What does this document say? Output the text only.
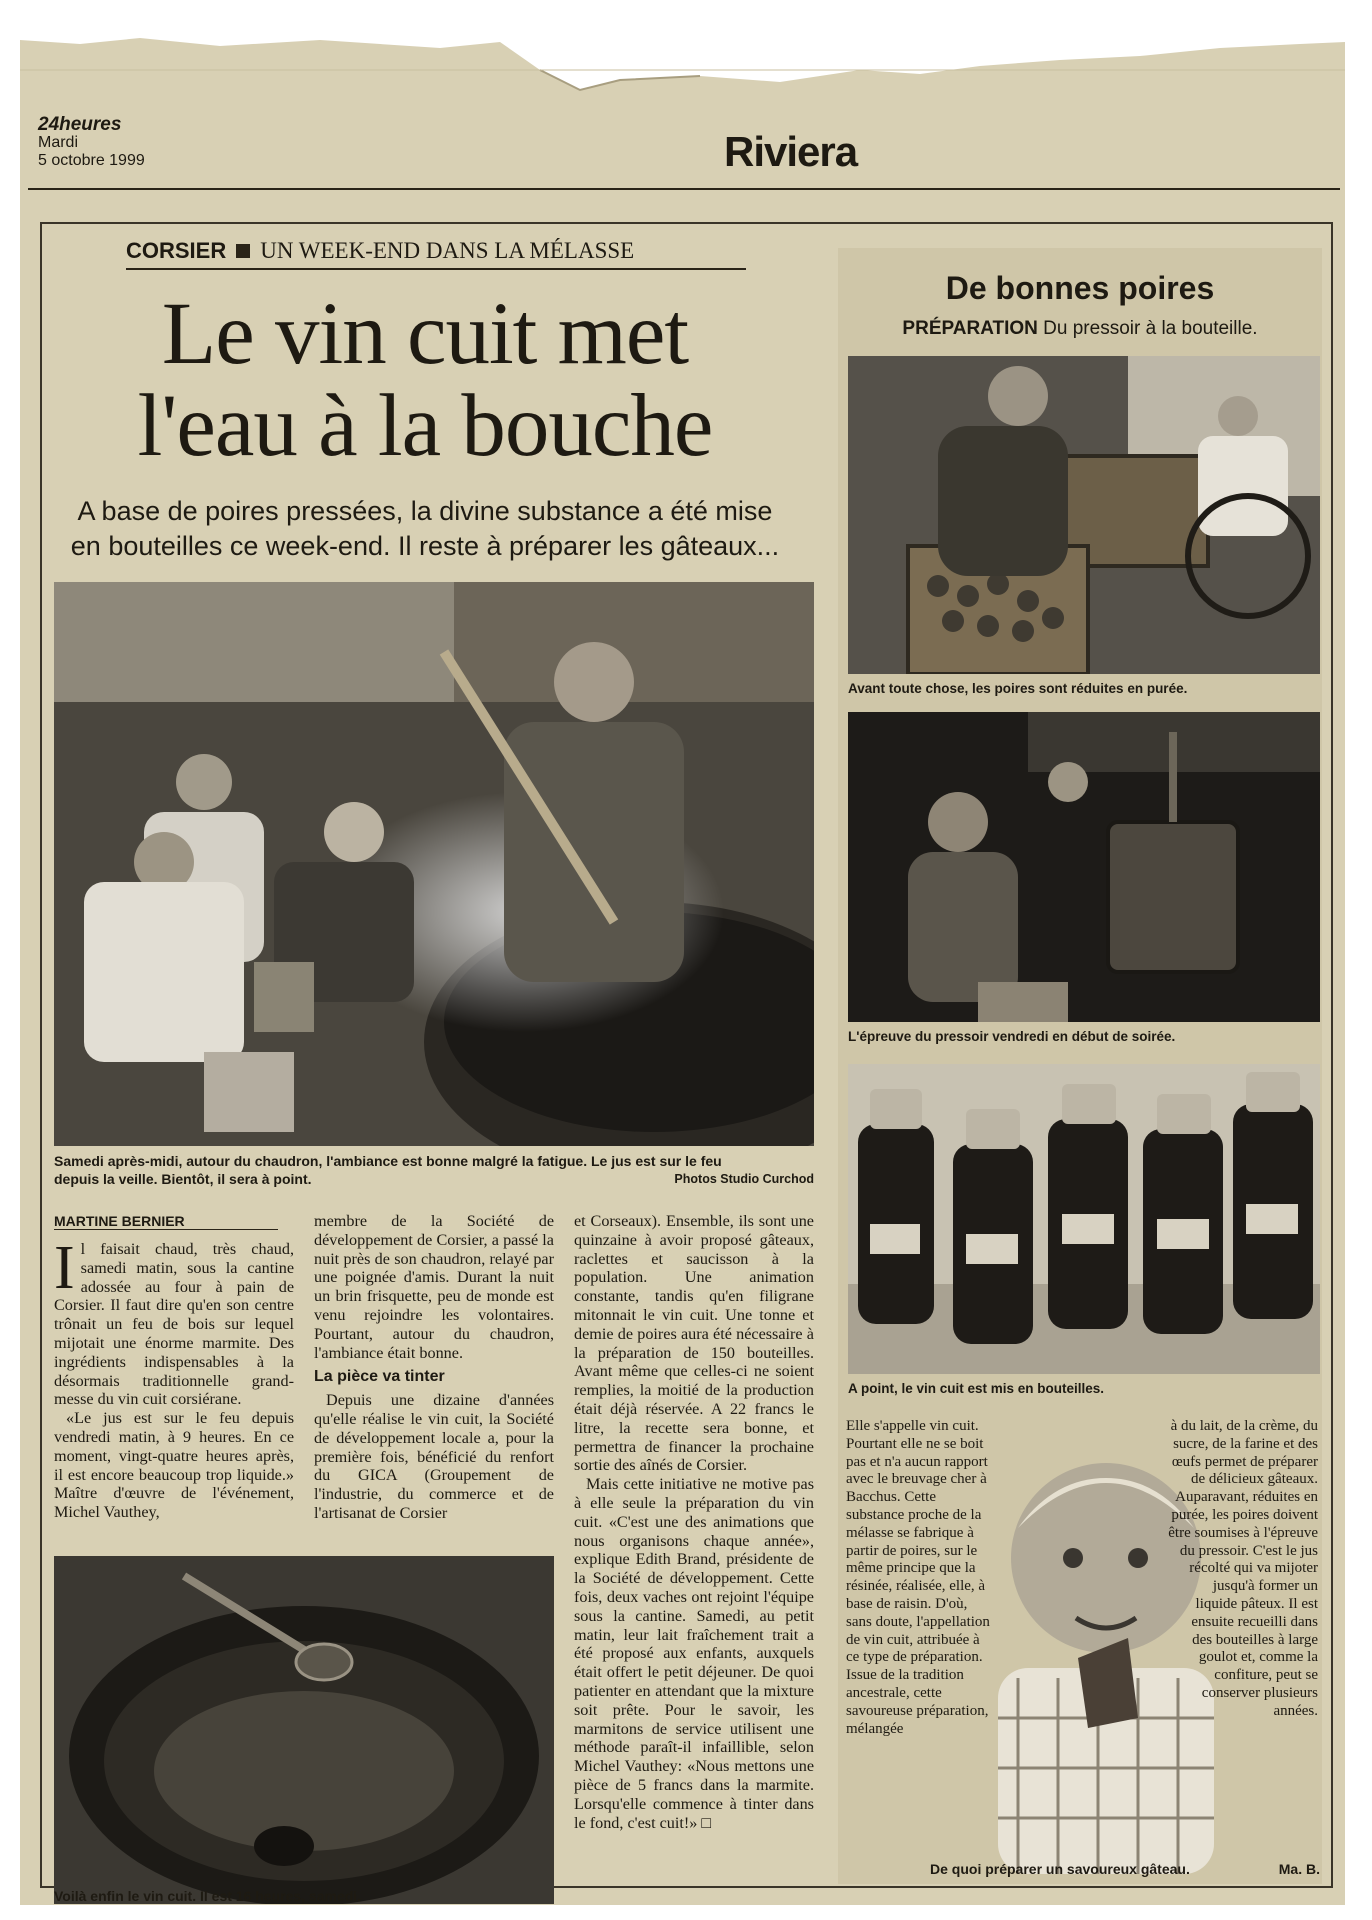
24heures
Mardi
5 octobre 1999	Riviera
CORSIER UN WEEK-END DANS LA MÉLASSE
Le vin cuit met
l'eau à la bouche
A base de poires pressées, la divine substance a été mise
en bouteilles ce week-end. Il reste à préparer les gâteaux...
Samedi après-midi, autour du chaudron, l'ambiance est bonne malgré la fatigue. Le jus est sur le feu
depuis la veille. Bientôt, il sera à point.	Photos Studio Curchod
MARTINE BERNIER

Il faisait chaud, très chaud, samedi matin, sous la cantine adossée au four à pain de Corsier. Il faut dire qu'en son centre trônait un feu de bois sur lequel mijotait une énorme marmite. Des ingrédients indispensables à la désormais traditionnelle grand-messe du vin cuit corsiérane.

«Le jus est sur le feu depuis vendredi matin, à 9 heures. En ce moment, vingt-quatre heures après, il est encore beaucoup trop liquide.» Maître d'œuvre de l'événement, Michel Vauthey,

membre de la Société de développement de Corsier, a passé la nuit près de son chaudron, relayé par une poignée d'amis. Durant la nuit un brin frisquette, peu de monde est venu rejoindre les volontaires. Pourtant, autour du chaudron, l'ambiance était bonne.

La pièce va tinter

Depuis une dizaine d'années qu'elle réalise le vin cuit, la Société de développement locale a, pour la première fois, bénéficié du renfort du GICA (Groupement de l'industrie, du commerce et de l'artisanat de Corsier

et Corseaux). Ensemble, ils sont une quinzaine à avoir proposé gâteaux, raclettes et saucisson à la population. Une animation constante, tandis qu'en filigrane mitonnait le vin cuit. Une tonne et demie de poires aura été nécessaire à la préparation de 150 bouteilles. Avant même que celles-ci ne soient remplies, la moitié de la production était déjà réservée. A 22 francs le litre, la recette sera bonne, et permettra de financer la prochaine sortie des aînés de Corsier.

Mais cette initiative ne motive pas à elle seule la préparation du vin cuit. «C'est une des animations que nous organisons chaque année», explique Edith Brand, présidente de la Société de développement. Cette fois, deux vaches ont rejoint l'équipe sous la cantine. Samedi, au petit matin, leur lait fraîchement trait a été proposé aux enfants, auxquels était offert le petit déjeuner. De quoi patienter en attendant que la mixture soit prête. Pour le savoir, les marmitons de service utilisent une méthode paraît-il infaillible, selon Michel Vauthey: «Nous mettons une pièce de 5 francs dans la marmite. Lorsqu'elle commence à tinter dans le fond, c'est cuit!» □

Voilà enfin le vin cuit. Il est 16 heures, samedi.
De bonnes poires
PRÉPARATION Du pressoir à la bouteille.
Avant toute chose, les poires sont réduites en purée.
L'épreuve du pressoir vendredi en début de soirée.
A point, le vin cuit est mis en bouteilles.

Elle s'appelle vin cuit. Pourtant elle ne se boit pas et n'a aucun rapport avec le breuvage cher à Bacchus. Cette substance proche de la mélasse se fabrique à partir de poires, sur le même principe que la résinée, réalisée, elle, à base de raisin. D'où, sans doute, l'appellation de vin cuit, attribuée à ce type de préparation. Issue de la tradition ancestrale, cette savoureuse préparation, mélangée

à du lait, de la crème, du sucre, de la farine et des œufs permet de préparer de délicieux gâteaux. Auparavant, réduites en purée, les poires doivent être soumises à l'épreuve du pressoir. C'est le jus récolté qui va mijoter jusqu'à former un liquide pâteux. Il est ensuite recueilli dans des bouteilles à large goulot et, comme la confiture, peut se conserver plusieurs années.

De quoi préparer un savoureux gâteau.	Ma. B.
